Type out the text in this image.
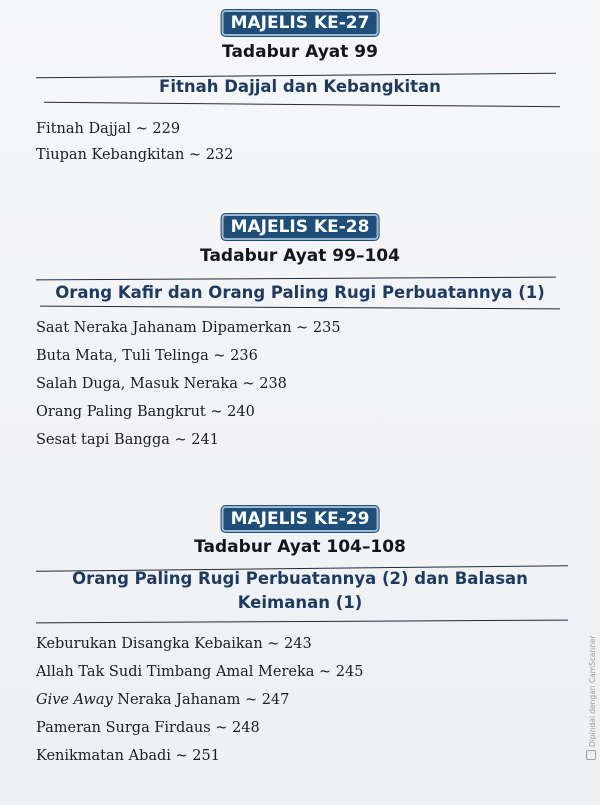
MAJELIS KE-27
Tadabur Ayat 99
Fitnah Dajjal dan Kebangkitan
Fitnah Dajjal ~ 229
Tiupan Kebangkitan ~ 232
MAJELIS KE-28
Tadabur Ayat 99–104
Orang Kafir dan Orang Paling Rugi Perbuatannya (1)
Saat Neraka Jahanam Dipamerkan ~ 235
Buta Mata, Tuli Telinga ~ 236
Salah Duga, Masuk Neraka ~ 238
Orang Paling Bangkrut ~ 240
Sesat tapi Bangga ~ 241
MAJELIS KE-29
Tadabur Ayat 104–108
Orang Paling Rugi Perbuatannya (2) dan Balasan
Keimanan (1)
Keburukan Disangka Kebaikan ~ 243
Allah Tak Sudi Timbang Amal Mereka ~ 245
Give Away Neraka Jahanam ~ 247
Pameran Surga Firdaus ~ 248
Kenikmatan Abadi ~ 251
Dipindai dengan CamScanner
